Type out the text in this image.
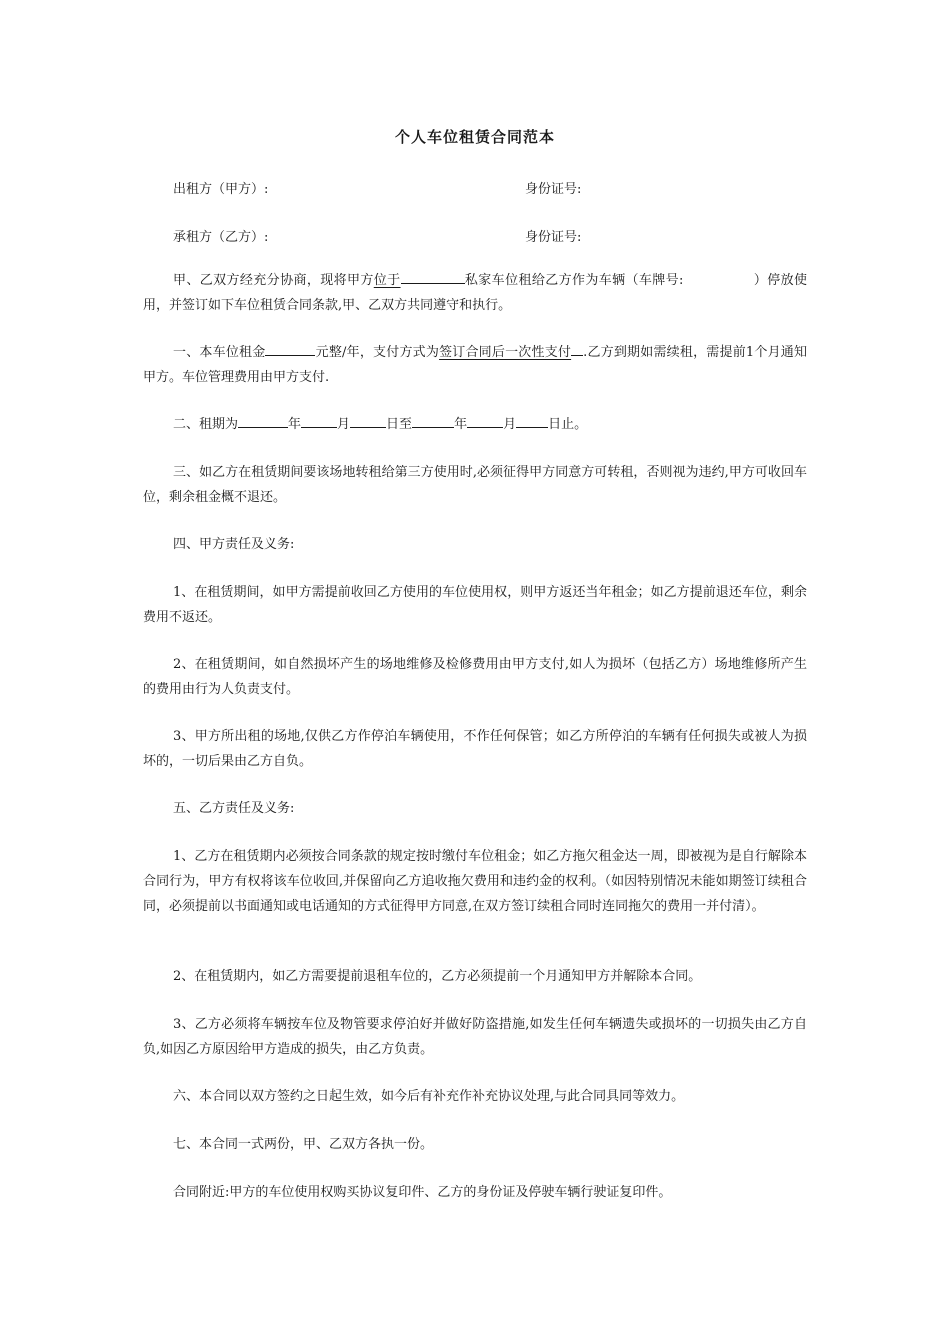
个人车位租赁合同范本
出租方（甲方）:	身份证号:
承租方（乙方）:	身份证号:
甲、乙双方经充分协商，现将甲方位于	私家车位租给乙方作为车辆（车牌号:	）停放使用，并签订如下车位租赁合同条款,甲、乙双方共同遵守和执行。
一、本车位租金	元整/年，支付方式为签订合同后一次性支付 .乙方到期如需续租，需提前1个月通知甲方。车位管理费用由甲方支付.
二、租期为	年	月	日至	年	月 日止。
三、如乙方在租赁期间要该场地转租给第三方使用时,必须征得甲方同意方可转租，否则视为违约,甲方可收回车位，剩余租金概不退还。
四、甲方责任及义务:
1、在租赁期间，如甲方需提前收回乙方使用的车位使用权，则甲方返还当年租金；如乙方提前退还车位，剩余费用不返还。
2、在租赁期间，如自然损坏产生的场地维修及检修费用由甲方支付,如人为损坏（包括乙方）场地维修所产生的费用由行为人负责支付。
3、甲方所出租的场地,仅供乙方作停泊车辆使用，不作任何保管；如乙方所停泊的车辆有任何损失或被人为损坏的，一切后果由乙方自负。
五、乙方责任及义务:
1、乙方在租赁期内必须按合同条款的规定按时缴付车位租金；如乙方拖欠租金达一周，即被视为是自行解除本合同行为，甲方有权将该车位收回,并保留向乙方追收拖欠费用和违约金的权利。（如因特别情况未能如期签订续租合同，必须提前以书面通知或电话通知的方式征得甲方同意,在双方签订续租合同时连同拖欠的费用一并付清）。
2、在租赁期内，如乙方需要提前退租车位的，乙方必须提前一个月通知甲方并解除本合同。
3、乙方必须将车辆按车位及物管要求停泊好并做好防盗措施,如发生任何车辆遗失或损坏的一切损失由乙方自负,如因乙方原因给甲方造成的损失，由乙方负责。
六、本合同以双方签约之日起生效，如今后有补充作补充协议处理,与此合同具同等效力。
七、本合同一式两份，甲、乙双方各执一份。
合同附近:甲方的车位使用权购买协议复印件、乙方的身份证及停驶车辆行驶证复印件。
